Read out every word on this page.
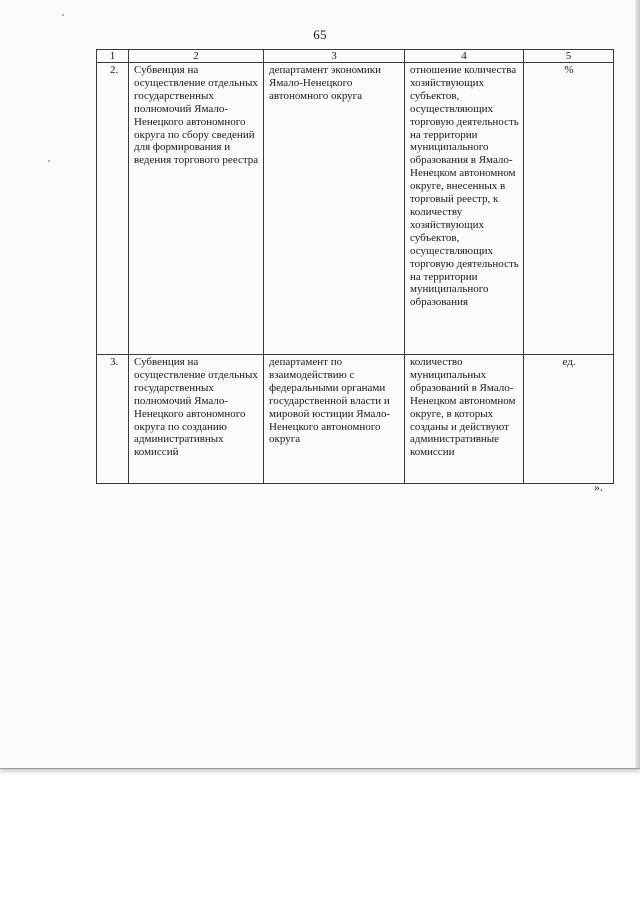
65
1	2	3	4	5
2.	Субвенция на осуществление отдельных государственных полномочий Ямало-Ненецкого автономного округа по сбору сведений для формирования и ведения торгового реестра	департамент экономики Ямало-Ненецкого автономного округа	отношение количества хозяйствующих субъектов, осуществляющих торговую деятельность на территории муниципального образования в Ямало-Ненецком автономном округе, внесенных в торговый реестр, к количеству хозяйствующих субъектов, осуществляющих торговую деятельность на территории муниципального образования	%
3.	Субвенция на осуществление отдельных государственных полномочий Ямало-Ненецкого автономного округа по созданию административных комиссий	департамент по взаимодействию с федеральными органами государственной власти и мировой юстиции Ямало-Ненецкого автономного округа	количество муниципальных образований в Ямало-Ненецком автономном округе, в которых созданы и действуют административные комиссии	ед.
».
